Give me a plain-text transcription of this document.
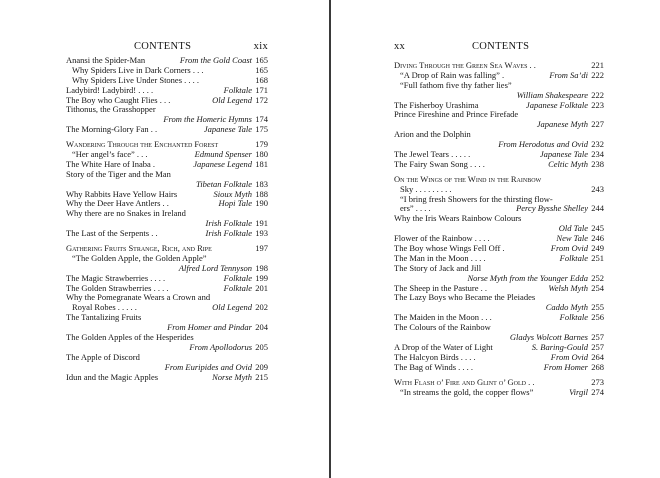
CONTENTS	xix
Anansi the Spider-Man	From the Gold Coast 165
Why Spiders Live in Dark Corners . . .	165
Why Spiders Live Under Stones . . . .	168
Ladybird! Ladybird! . . . .	Folktale 171
The Boy who Caught Flies . . .	Old Legend 172
Tithonus, the Grasshopper
From the Homeric Hymns 174
The Morning-Glory Fan . .	Japanese Tale 175
Wandering Through the Enchanted Forest	179
“Her angel’s face” . . .	Edmund Spenser 180
The White Hare of Inaba .	Japanese Legend 181
Story of the Tiger and the Man
Tibetan Folktale 183
Why Rabbits Have Yellow Hairs	Sioux Myth 188
Why the Deer Have Antlers . .	Hopi Tale 190
Why there are no Snakes in Ireland
Irish Folktale 191
The Last of the Serpents . .	Irish Folktale 193
Gathering Fruits Strange, Rich, and Ripe	197
“The Golden Apple, the Golden Apple”
Alfred Lord Tennyson 198
The Magic Strawberries . . . .	Folktale 199
The Golden Strawberries . . . .	Folktale 201
Why the Pomegranate Wears a Crown and
Royal Robes . . . . .	Old Legend 202
The Tantalizing Fruits
From Homer and Pindar 204
The Golden Apples of the Hesperides
From Apollodorus 205
The Apple of Discord
From Euripides and Ovid 209
Idun and the Magic Apples	Norse Myth 215
xx	CONTENTS
Diving Through the Green Sea Waves . .	221
“A Drop of Rain was falling” .	From Sa’di 222
“Full fathom five thy father lies”
William Shakespeare 222
The Fisherboy Urashima	Japanese Folktale 223
Prince Fireshine and Prince Firefade
Japanese Myth 227
Arion and the Dolphin
From Herodotus and Ovid 232
The Jewel Tears . . . . .	Japanese Tale 234
The Fairy Swan Song . . . .	Celtic Myth 238
On the Wings of the Wind in the Rainbow
Sky . . . . . . . . .	243
“I bring fresh Showers for the thirsting flow-
ers” . . . .	Percy Bysshe Shelley 244
Why the Iris Wears Rainbow Colours
Old Tale 245
Flower of the Rainbow . . . .	New Tale 246
The Boy whose Wings Fell Off .	From Ovid 249
The Man in the Moon . . . .	Folktale 251
The Story of Jack and Jill
Norse Myth from the Younger Edda 252
The Sheep in the Pasture . .	Welsh Myth 254
The Lazy Boys who Became the Pleiades
Caddo Myth 255
The Maiden in the Moon . . .	Folktale 256
The Colours of the Rainbow
Gladys Wolcott Barnes 257
A Drop of the Water of Light	S. Baring-Gould 257
The Halcyon Birds . . . .	From Ovid 264
The Bag of Winds . . . .	From Homer 268
With Flash o’ Fire and Glint o’ Gold . .	273
“In streams the gold, the copper flows”	Virgil 274
